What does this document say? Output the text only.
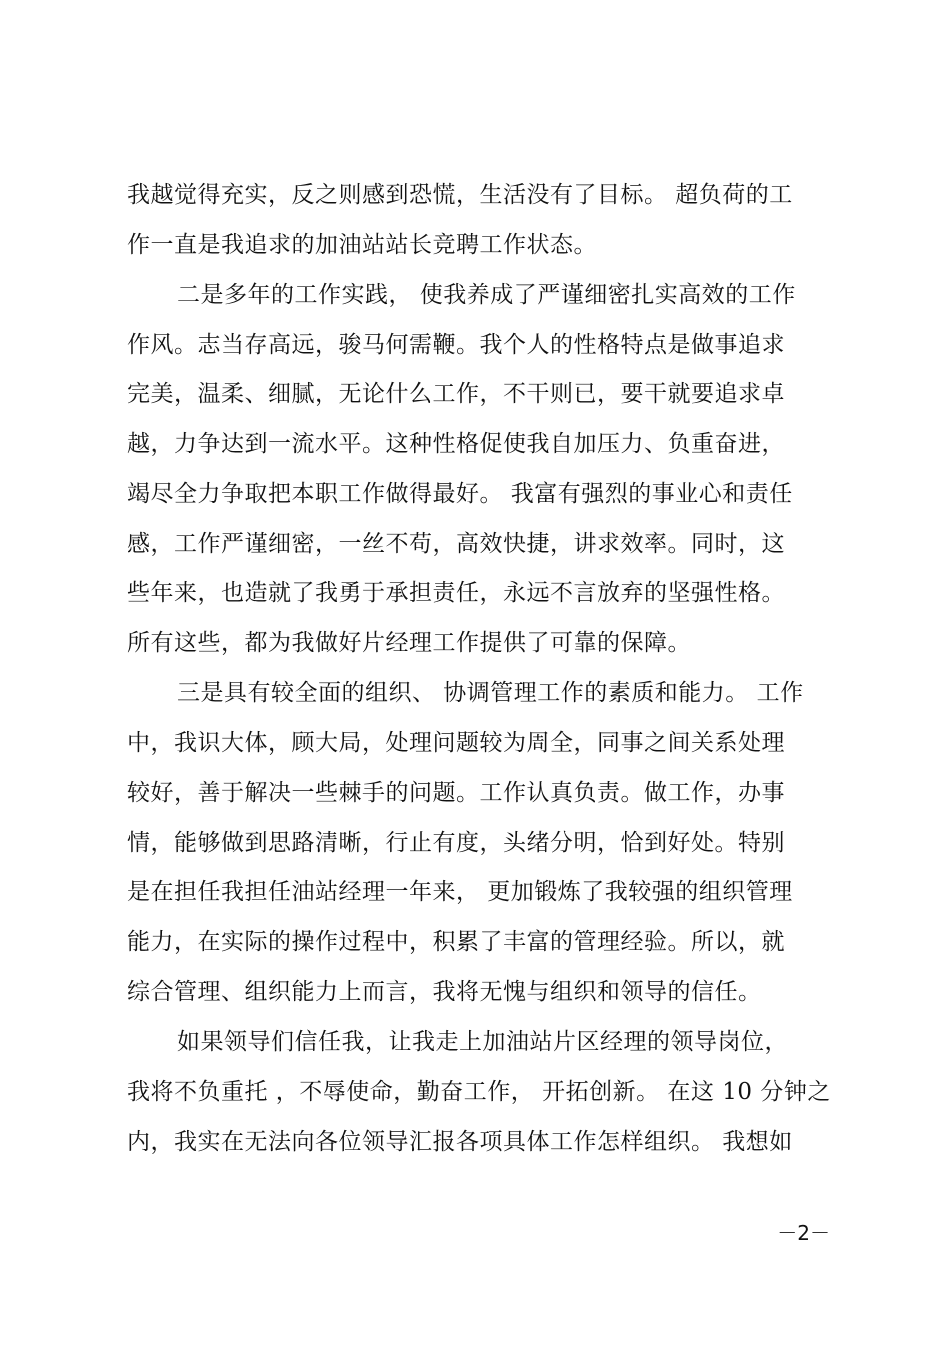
我越觉得充实，反之则感到恐慌，生活没有了目标。 超负荷的工
作一直是我追求的加油站站长竞聘工作状态。
二是多年的工作实践， 使我养成了严谨细密扎实高效的工作
作风。志当存高远，骏马何需鞭。我个人的性格特点是做事追求
完美，温柔、细腻，无论什么工作，不干则已，要干就要追求卓
越，力争达到一流水平。这种性格促使我自加压力、负重奋进，
竭尽全力争取把本职工作做得最好。 我富有强烈的事业心和责任
感，工作严谨细密，一丝不苟，高效快捷，讲求效率。同时，这
些年来，也造就了我勇于承担责任，永远不言放弃的坚强性格。
所有这些，都为我做好片经理工作提供了可靠的保障。
三是具有较全面的组织、 协调管理工作的素质和能力。 工作
中，我识大体，顾大局，处理问题较为周全，同事之间关系处理
较好，善于解决一些棘手的问题。工作认真负责。做工作，办事
情，能够做到思路清晰，行止有度，头绪分明，恰到好处。特别
是在担任我担任油站经理一年来， 更加锻炼了我较强的组织管理
能力，在实际的操作过程中，积累了丰富的管理经验。所以，就
综合管理、组织能力上而言，我将无愧与组织和领导的信任。
如果领导们信任我，让我走上加油站片区经理的领导岗位，
我将不负重托 ，不辱使命，勤奋工作， 开拓创新。 在这 10 分钟之
内，我实在无法向各位领导汇报各项具体工作怎样组织。 我想如
－2－
